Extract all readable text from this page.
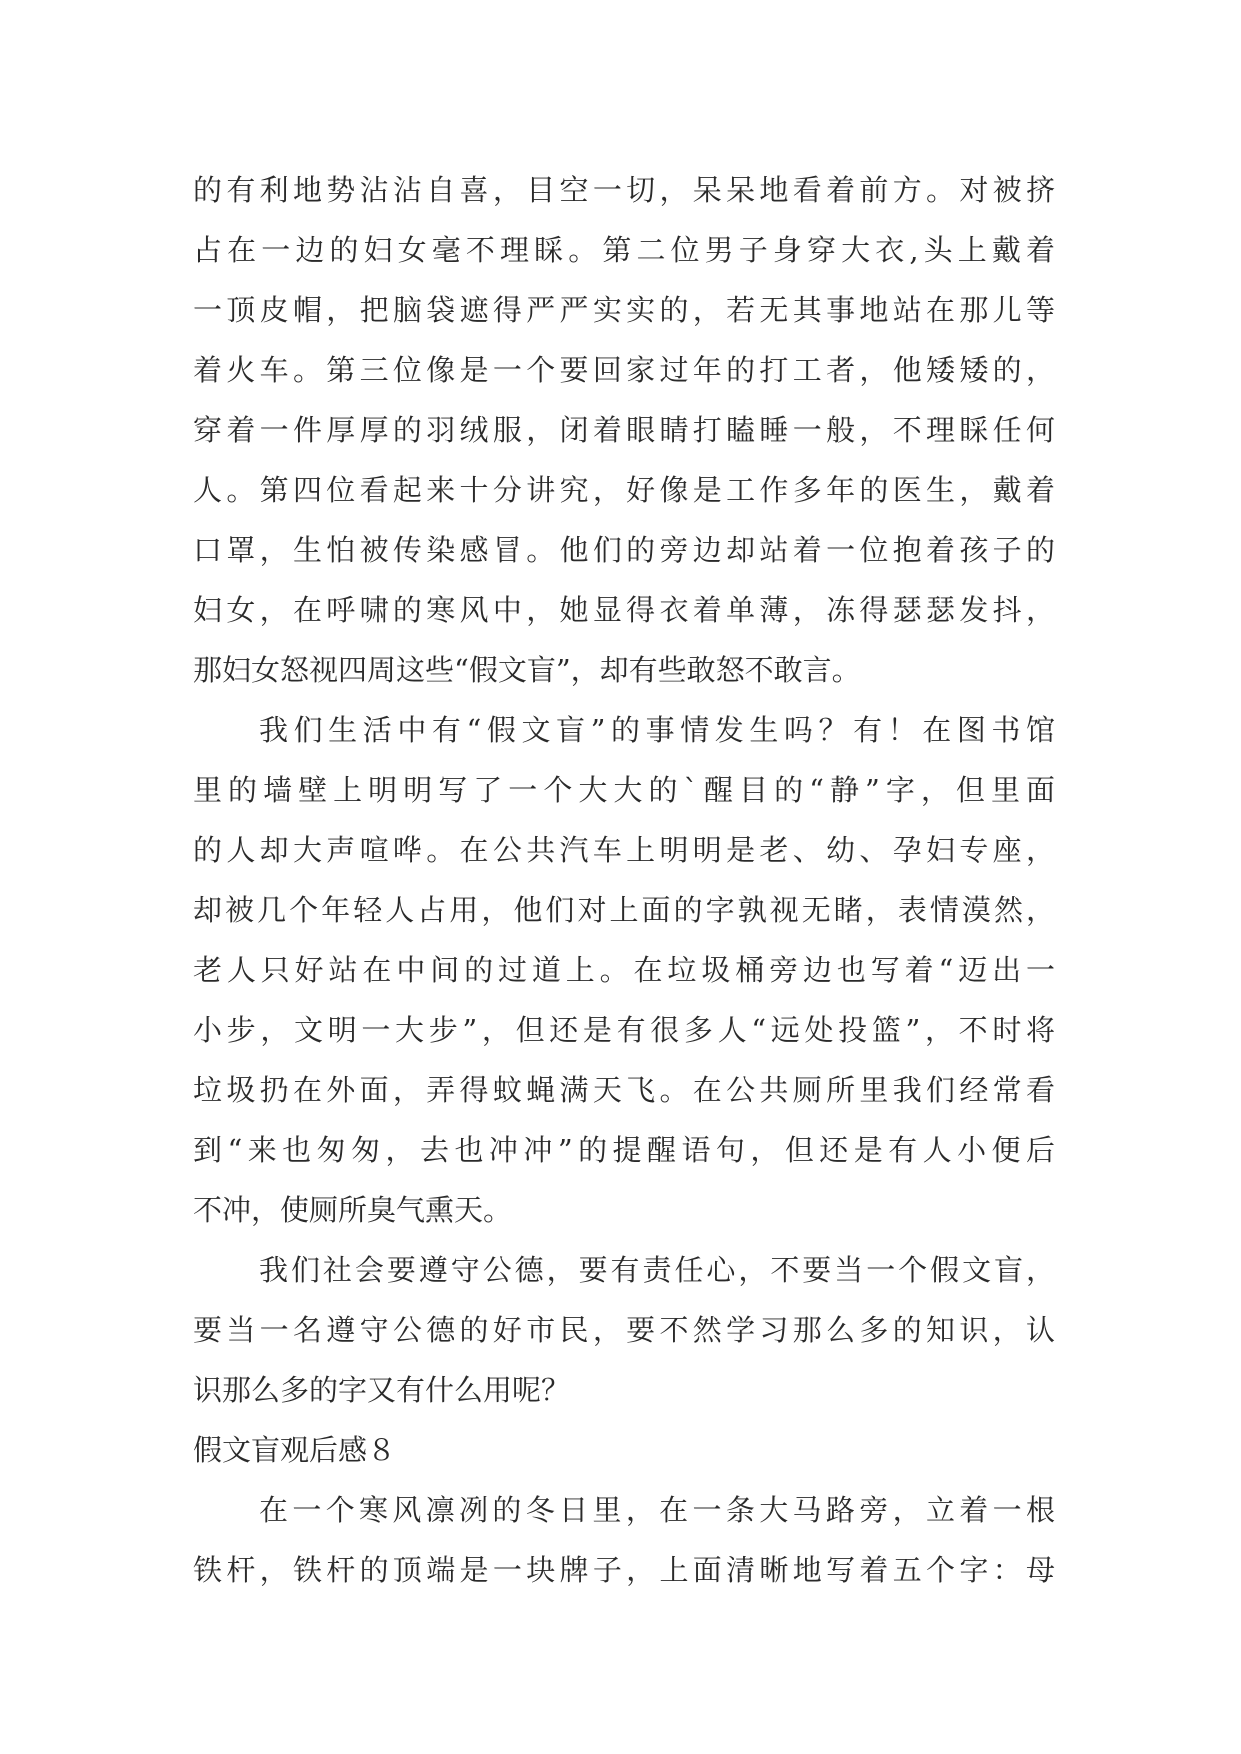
的有利地势沾沾自喜，目空一切，呆呆地看着前方。对被挤
占在一边的妇女毫不理睬。第二位男子身穿大衣,头上戴着
一顶皮帽，把脑袋遮得严严实实的，若无其事地站在那儿等
着火车。第三位像是一个要回家过年的打工者，他矮矮的，
穿着一件厚厚的羽绒服，闭着眼睛打瞌睡一般，不理睬任何
人。第四位看起来十分讲究，好像是工作多年的医生，戴着
口罩，生怕被传染感冒。他们的旁边却站着一位抱着孩子的
妇女，在呼啸的寒风中，她显得衣着单薄，冻得瑟瑟发抖，
那妇女怒视四周这些“假文盲”，却有些敢怒不敢言。
我们生活中有“假文盲”的事情发生吗？有！在图书馆
里的墙壁上明明写了一个大大的`醒目的“静”字，但里面
的人却大声喧哗。在公共汽车上明明是老、幼、孕妇专座，
却被几个年轻人占用，他们对上面的字孰视无睹，表情漠然，
老人只好站在中间的过道上。在垃圾桶旁边也写着“迈出一
小步，文明一大步”，但还是有很多人“远处投篮”，不时将
垃圾扔在外面，弄得蚊蝇满天飞。在公共厕所里我们经常看
到“来也匆匆，去也冲冲”的提醒语句，但还是有人小便后
不冲，使厕所臭气熏天。
我们社会要遵守公德，要有责任心，不要当一个假文盲，
要当一名遵守公德的好市民，要不然学习那么多的知识，认
识那么多的字又有什么用呢？
假文盲观后感８
在一个寒风凛冽的冬日里，在一条大马路旁，立着一根
铁杆，铁杆的顶端是一块牌子，上面清晰地写着五个字：母
